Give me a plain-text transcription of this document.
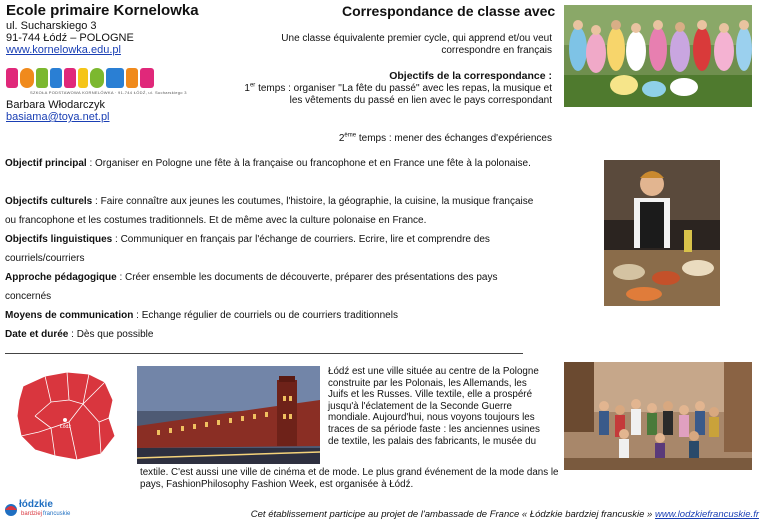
Ecole primaire Kornelowka
ul. Sucharskiego 3
91-744 Łódź – POLOGNE
www.kornelowka.edu.pl
SZKOŁA PODSTAWOWA KORNELÓWKA · 91-744 ŁÓDŹ, ul. Sucharskiego 3
Barbara Włodarczyk
basiama@toya.net.pl
Correspondance de classe avec
Une classe équivalente premier cycle, qui apprend et/ou veut correspondre en français
Objectifs de la correspondance :
1er temps : organiser ''La fête du passé'' avec les repas, la musique et les vêtements du passé en lien avec le pays correspondant
2ème temps : mener des échanges d'expériences
Objectif principal : Organiser en Pologne une fête à la française ou francophone et en France une fête à la polonaise.
Objectifs culturels : Faire connaître aux jeunes les coutumes, l'histoire, la géographie, la cuisine, la musique française ou francophone et les costumes traditionnels. Et de même avec la culture polonaise en France.
Objectifs linguistiques : Communiquer en français par l'échange de courriers. Ecrire, lire et comprendre des courriels/courriers
Approche pédagogique : Créer ensemble les documents de découverte, préparer des présentations des pays concernés
Moyens de communication : Echange régulier de courriels ou de courriers traditionnels
Date et durée : Dès que possible
Łódź
Łódź est une ville située au centre de la Pologne construite par les Polonais, les Allemands, les Juifs et les Russes. Ville textile, elle a prospéré jusqu'à l'éclatement de la Seconde Guerre mondiale. Aujourd'hui, nous voyons toujours les traces de sa période faste : les anciennes usines de textile, les palais des fabricants, le musée du
textile. C'est aussi une ville de cinéma et de mode. Le plus grand événement de la mode dans le pays, FashionPhilosophy Fashion Week, est organisée à Łódź.
łódzkie
bardziej francuskie	Cet établissement participe au projet de l'ambassade de France « Łódzkie bardziej francuskie » www.lodzkiefrancuskie.fr
